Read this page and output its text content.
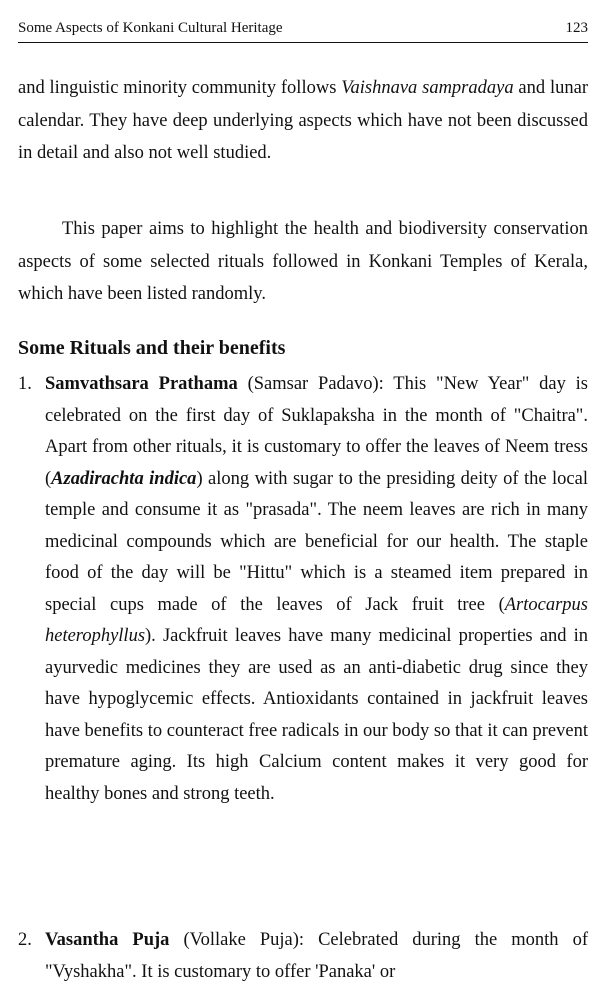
Some Aspects of Konkani Cultural Heritage	123

and linguistic minority community follows Vaishnava sampradaya and lunar calendar. They have deep underlying aspects which have not been discussed in detail and also not well studied.

This paper aims to highlight the health and biodiversity conservation aspects of some selected rituals followed in Konkani Temples of Kerala, which have been listed randomly.

Some Rituals and their benefits
1. Samvathsara Prathama (Samsar Padavo): This "New Year" day is celebrated on the first day of Suklapaksha in the month of "Chaitra". Apart from other rituals, it is customary to offer the leaves of Neem tress (Azadirachta indica) along with sugar to the presiding deity of the local temple and consume it as "prasada". The neem leaves are rich in many medicinal compounds which are beneficial for our health. The staple food of the day will be "Hittu" which is a steamed item prepared in special cups made of the leaves of Jack fruit tree (Artocarpus heterophyllus). Jackfruit leaves have many medicinal properties and in ayurvedic medicines they are used as an anti-diabetic drug since they have hypoglycemic effects. Antioxidants contained in jackfruit leaves have benefits to counteract free radicals in our body so that it can prevent premature aging. Its high Calcium content makes it very good for healthy bones and strong teeth.
2. Vasantha Puja (Vollake Puja): Celebrated during the month of "Vyshakha". It is customary to offer 'Panaka' or
